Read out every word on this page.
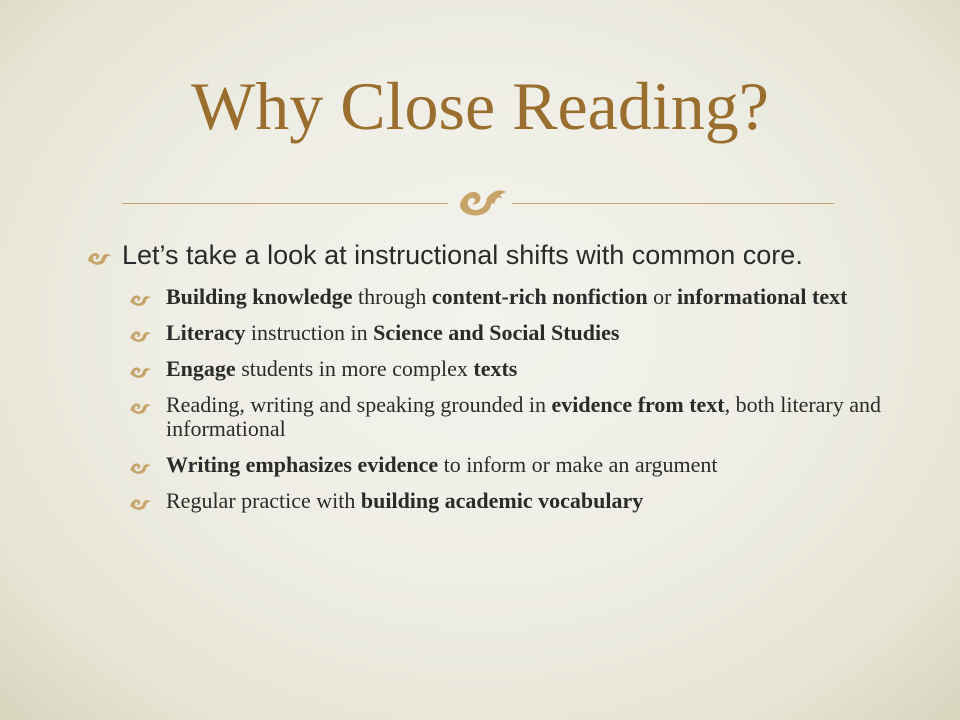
Why Close Reading?
Let’s take a look at instructional shifts with common core.
Building knowledge through content-rich nonfiction or informational text
Literacy instruction in Science and Social Studies
Engage students in more complex texts
Reading, writing and speaking grounded in evidence from text, both literary and informational
Writing emphasizes evidence to inform or make an argument
Regular practice with building academic vocabulary
